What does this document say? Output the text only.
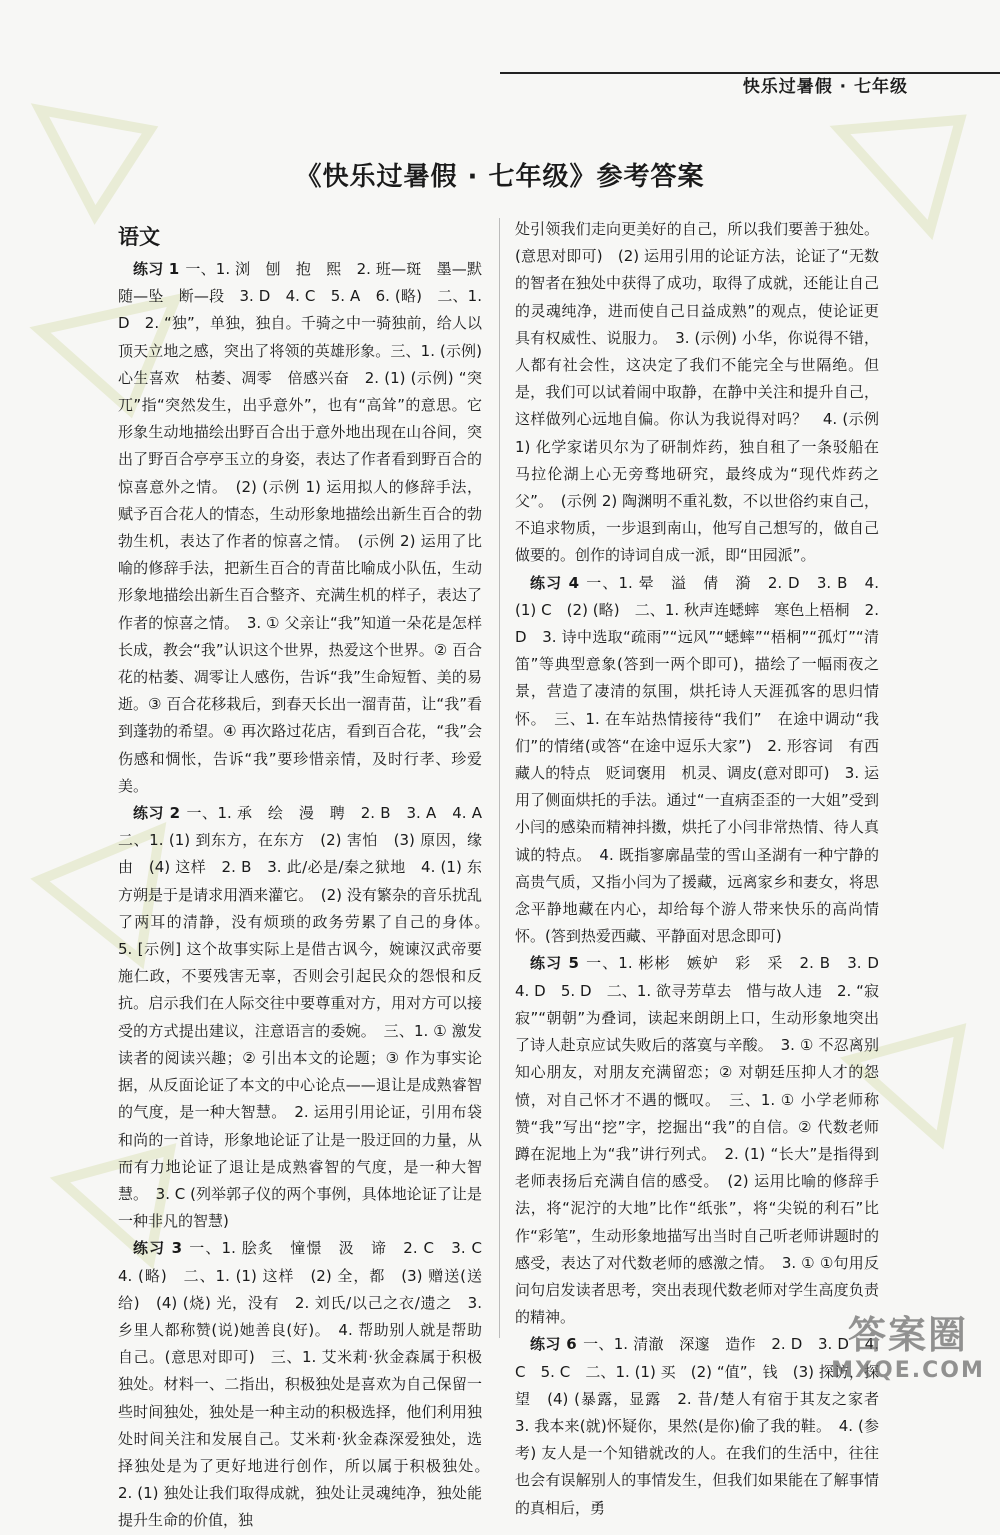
快乐过暑假 · 七年级
《快乐过暑假 · 七年级》参考答案
语文

练习 1 一、1. 浏　刨　抱　熙　2. 班—斑　墨—默　随—坠　断—段　3. D　4. C　5. A　6. (略)　二、1. D　2. “独”，单独，独自。千骑之中一骑独前，给人以顶天立地之感，突出了将领的英雄形象。三、1. (示例) 心生喜欢　枯萎、凋零　倍感兴奋　2. (1) (示例) “突兀”指“突然发生，出乎意外”，也有“高耸”的意思。它形象生动地描绘出野百合出于意外地出现在山谷间，突出了野百合亭亭玉立的身姿，表达了作者看到野百合的惊喜意外之情。　(2) (示例 1) 运用拟人的修辞手法，赋予百合花人的情态，生动形象地描绘出新生百合的勃勃生机，表达了作者的惊喜之情。　(示例 2) 运用了比喻的修辞手法，把新生百合的青苗比喻成小队伍，生动形象地描绘出新生百合整齐、充满生机的样子，表达了作者的惊喜之情。　3. ① 父亲让“我”知道一朵花是怎样长成，教会“我”认识这个世界，热爱这个世界。② 百合花的枯萎、凋零让人感伤，告诉“我”生命短暂、美的易逝。③ 百合花移栽后，到春天长出一溜青苗，让“我”看到蓬勃的希望。④ 再次路过花店，看到百合花，“我”会伤感和惆怅，告诉“我”要珍惜亲情，及时行孝、珍爱美。

练习 2 一、1. 承　绘　漫　聘　2. B　3. A　4. A　二、1. (1) 到东方，在东方　(2) 害怕　(3) 原因，缘由　(4) 这样　2. B　3. 此/必是/秦之狱地　4. (1) 东方朔是于是请求用酒来灌它。　(2) 没有繁杂的音乐扰乱了两耳的清静，没有烦琐的政务劳累了自己的身体。　5. [示例] 这个故事实际上是借古讽今，婉谏汉武帝要施仁政，不要残害无辜，否则会引起民众的怨恨和反抗。启示我们在人际交往中要尊重对方，用对方可以接受的方式提出建议，注意语言的委婉。　三、1. ① 激发读者的阅读兴趣；② 引出本文的论题；③ 作为事实论据，从反面论证了本文的中心论点——退让是成熟睿智的气度，是一种大智慧。　2. 运用引用论证，引用布袋和尚的一首诗，形象地论证了让是一股迂回的力量，从而有力地论证了退让是成熟睿智的气度，是一种大智慧。　3. C (列举郭子仪的两个事例，具体地论证了让是一种非凡的智慧)

练习 3 一、1. 脍炙　憧憬　汲　谛　2. C　3. C　4. (略)　二、1. (1) 这样　(2) 全，都　(3) 赠送(送给)　(4) (烧) 光，没有　2. 刘氏/以己之衣/遗之　3. 乡里人都称赞(说)她善良(好)。　4. 帮助别人就是帮助自己。(意思对即可)　三、1. 艾米莉·狄金森属于积极独处。材料一、二指出，积极独处是喜欢为自己保留一些时间独处，独处是一种主动的积极选择，他们利用独处时间关注和发展自己。艾米莉·狄金森深爱独处，选择独处是为了更好地进行创作，所以属于积极独处。　2. (1) 独处让我们取得成就，独处让灵魂纯净，独处能提升生命的价值，独

处引领我们走向更美好的自己，所以我们要善于独处。(意思对即可)　(2) 运用引用的论证方法，论证了“无数的智者在独处中获得了成功，取得了成就，还能让自己的灵魂纯净，进而使自己日益成熟”的观点，使论证更具有权威性、说服力。　3. (示例) 小华，你说得不错，人都有社会性，这决定了我们不能完全与世隔绝。但是，我们可以试着闹中取静，在静中关注和提升自己，这样做列心远地自偏。你认为我说得对吗？　4. (示例 1) 化学家诺贝尔为了研制炸药，独自租了一条驳船在马拉伦湖上心无旁骛地研究，最终成为“现代炸药之父”。　(示例 2) 陶渊明不重礼数，不以世俗约束自己，不追求物质，一步退到南山，他写自己想写的，做自己做要的。创作的诗词自成一派，即“田园派”。

练习 4 一、1. 晕　溢　倩　漪　2. D　3. B　4. (1) C　(2) (略)　二、1. 秋声连蟋蟀　寒色上梧桐　2. D　3. 诗中选取“疏雨”“远风”“蟋蟀”“梧桐”“孤灯”“清笛”等典型意象(答到一两个即可)，描绘了一幅雨夜之景，营造了凄清的氛围，烘托诗人天涯孤客的思归情怀。　三、1. 在车站热情接待“我们”　在途中调动“我们”的情绪(或答“在途中逗乐大家”)　2. 形容词　有西藏人的特点　贬词褒用　机灵、调皮(意对即可)　3. 运用了侧面烘托的手法。通过“一直病歪歪的一大姐”受到小闫的感染而精神抖擞，烘托了小闫非常热情、待人真诚的特点。　4. 既指寥廓晶莹的雪山圣湖有一种宁静的高贵气质，又指小闫为了援藏，远离家乡和妻女，将思念平静地藏在内心，却给每个游人带来快乐的高尚情怀。(答到热爱西藏、平静面对思念即可)

练习 5 一、1. 彬彬　嫉妒　彩　采　2. B　3. D　4. D　5. D　二、1. 欲寻芳草去　惜与故人违　2. “寂寂”“朝朝”为叠词，读起来朗朗上口，生动形象地突出了诗人赴京应试失败后的落寞与辛酸。　3. ① 不忍离别知心朋友，对朋友充满留恋；② 对朝廷压抑人才的怨愤，对自己怀才不遇的慨叹。　三、1. ① 小学老师称赞“我”写出“挖”字，挖掘出“我”的自信。② 代数老师蹲在泥地上为“我”讲行列式。　2. (1) “长大”是指得到老师表扬后充满自信的感受。　(2) 运用比喻的修辞手法，将“泥泞的大地”比作“纸张”，将“尖锐的利石”比作“彩笔”，生动形象地描写出当时自己听老师讲题时的感受，表达了对代数老师的感激之情。　3. ① ①句用反问句启发读者思考，突出表现代数老师对学生高度负责的精神。

练习 6 一、1. 清澈　深邃　造作　2. D　3. D　4. C　5. C　二、1. (1) 买　(2) “值”，钱　(3) 探访，探望　(4) (暴露，显露　2. 昔/楚人有宿于其友之家者　3. 我本来(就)怀疑你，果然(是你)偷了我的鞋。　4. (参考) 友人是一个知错就改的人。在我们的生活中，往往也会有误解别人的事情发生，但我们如果能在了解事情的真相后，勇

答案圈
MXQE.COM
